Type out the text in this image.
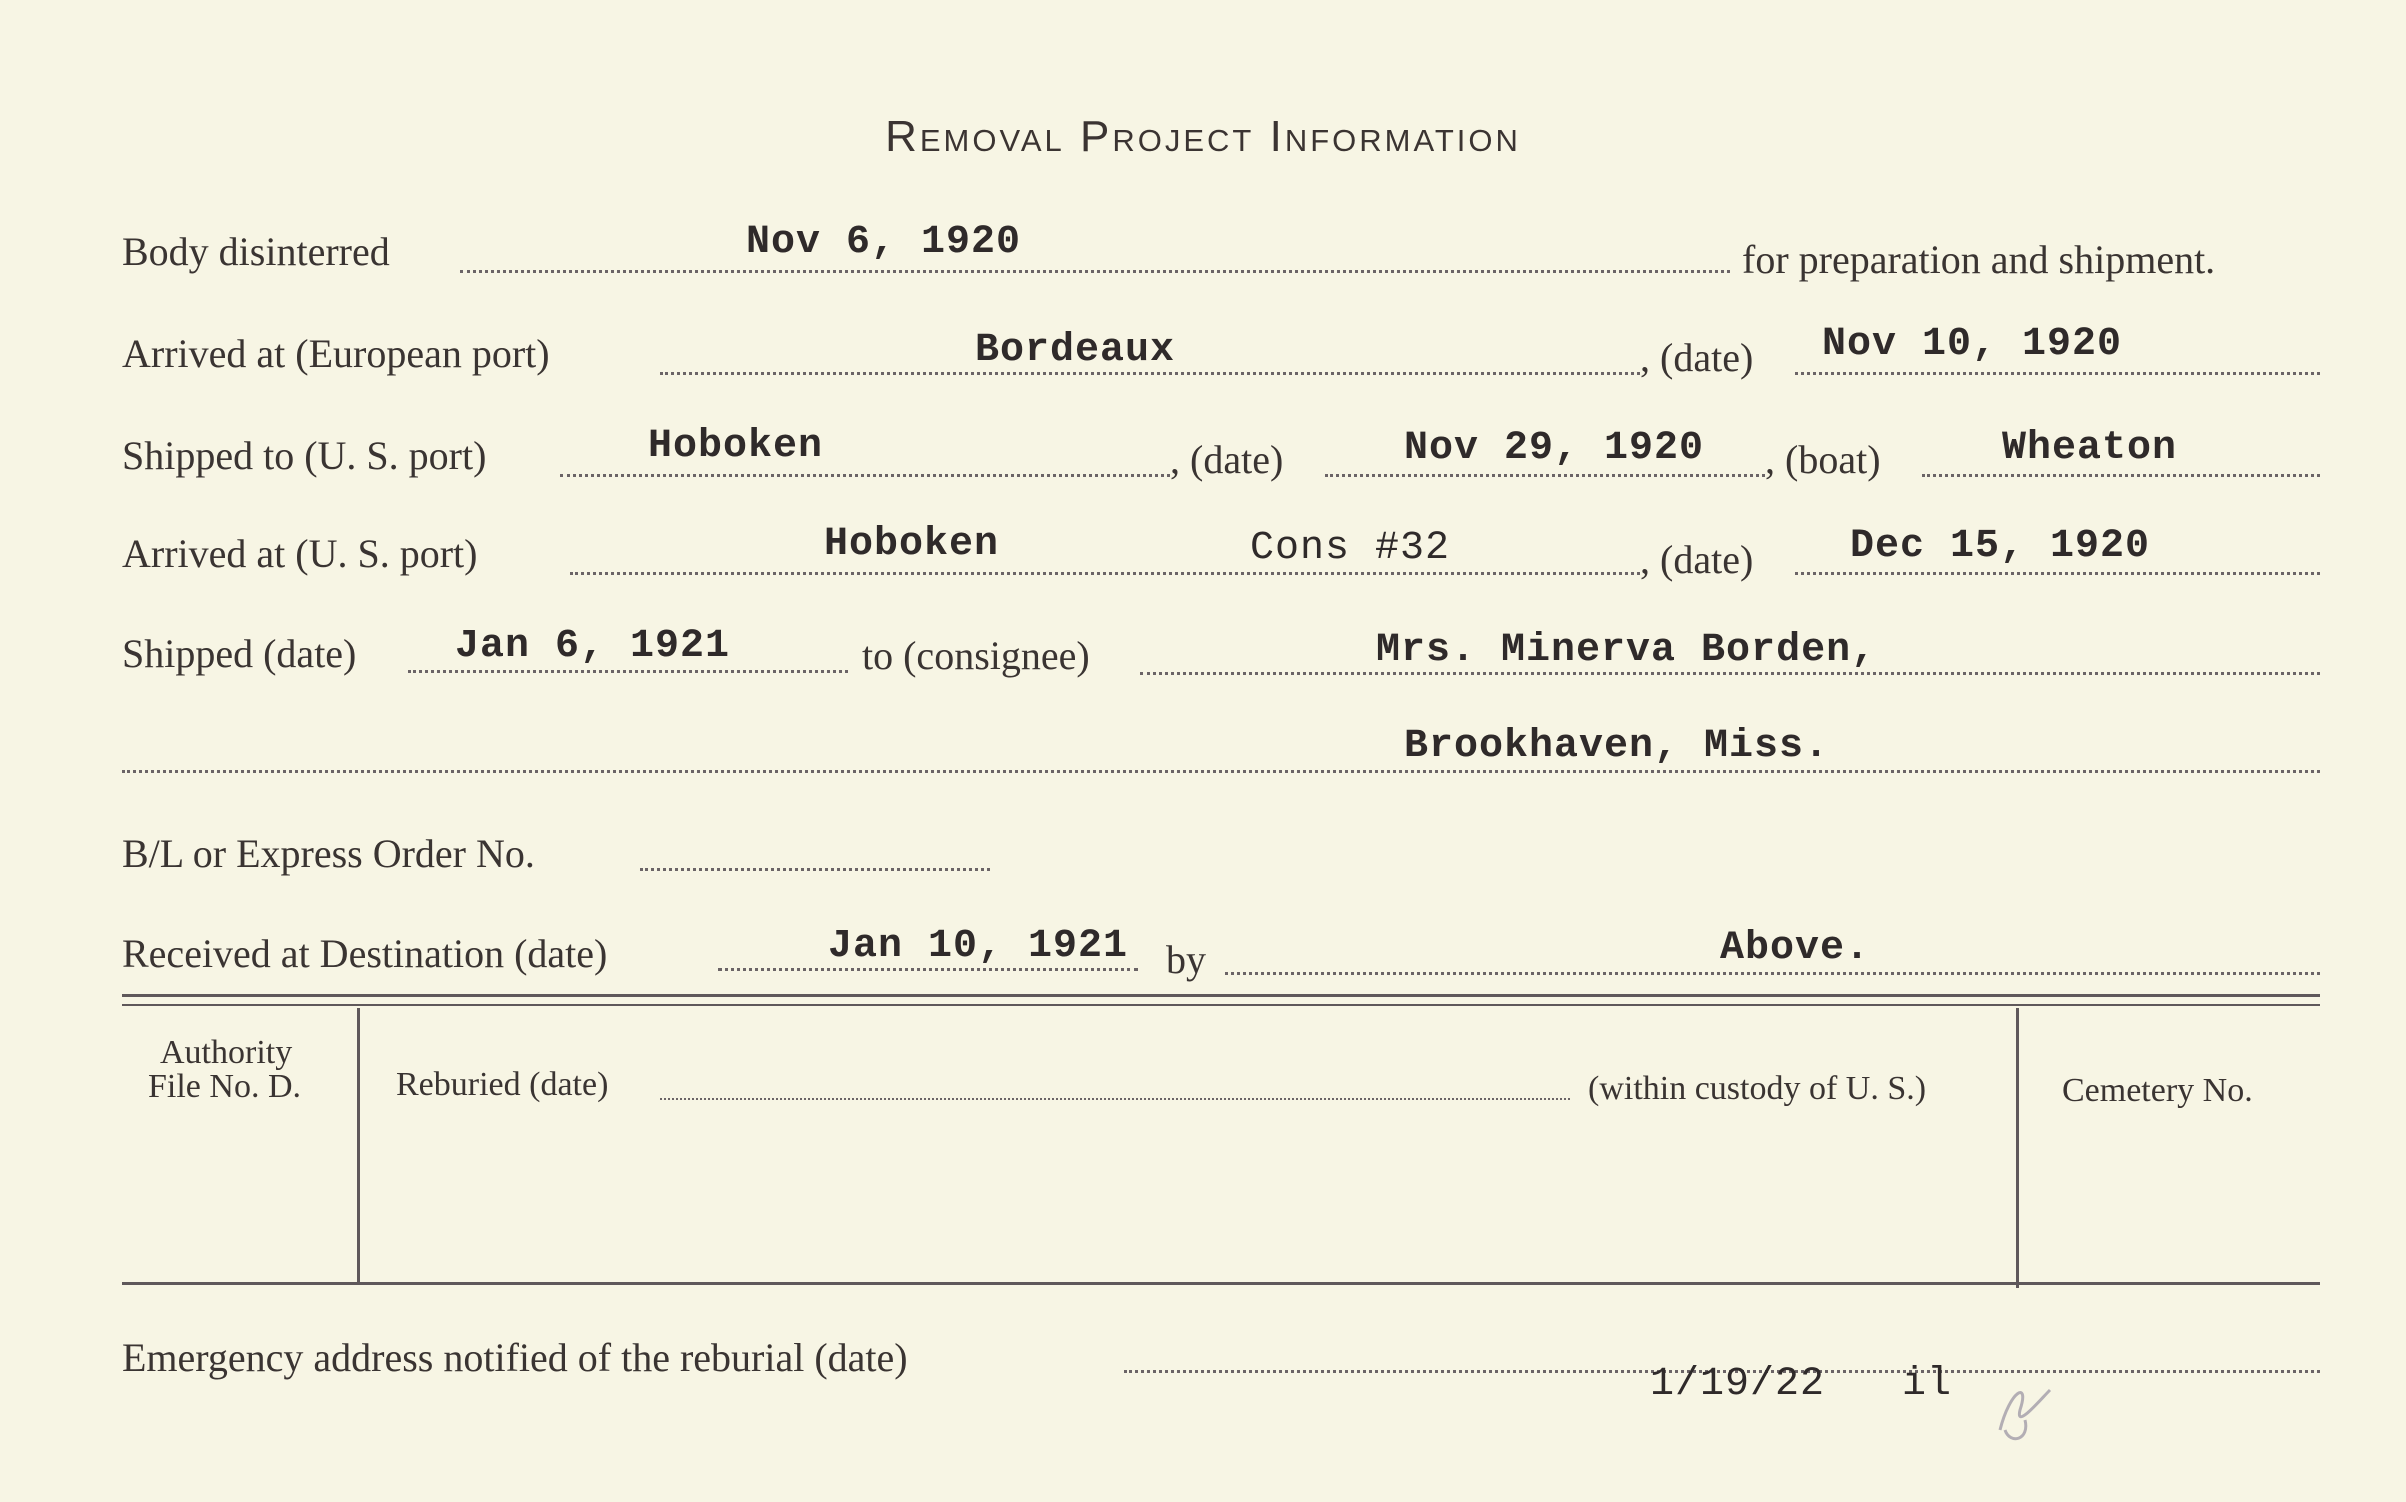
Removal Project Information
Body disinterred	Nov 6, 1920	for preparation and shipment.
Arrived at (European port)	Bordeaux	, (date) Nov 10, 1920
Shipped to (U. S. port)	Hoboken	, (date)	Nov 29, 1920 , (boat)	Wheaton
Arrived at (U. S. port)	Hoboken	Cons #32	, (date) Dec 15, 1920
Shipped (date) Jan 6, 1921	to (consignee)	Mrs. Minerva Borden,
Brookhaven, Miss.
B/L or Express Order No.
Received at Destination (date)	Jan 10, 1921 by	Above.
Authority
File No. D.	Reburied (date)	(within custody of U. S.)	Cemetery No.
Emergency address notified of the reburial (date)
1/19/22 il
